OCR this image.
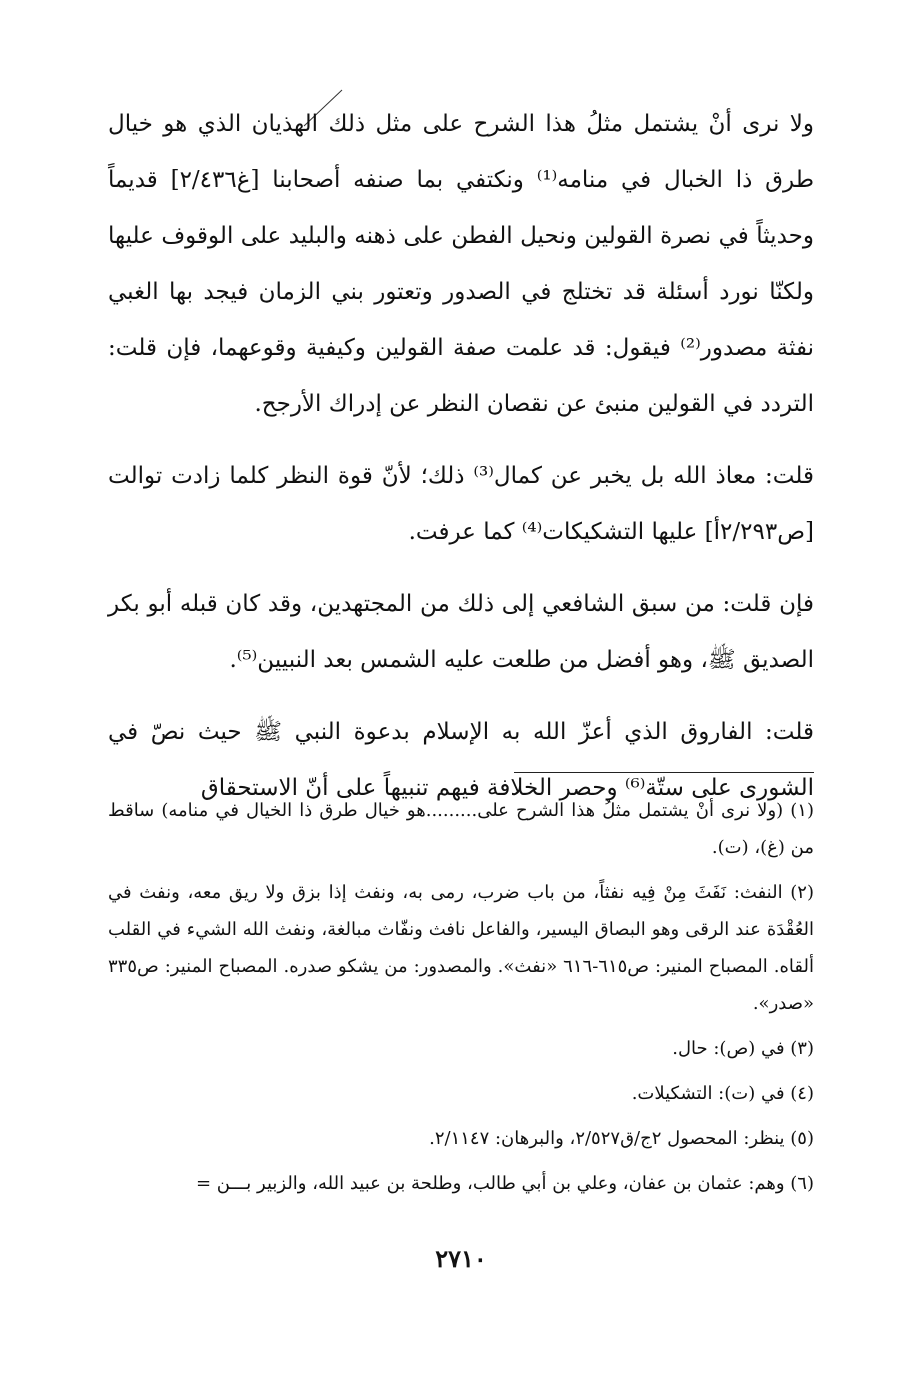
ولا نرى أنْ يشتمل مثلُ هذا الشرح على مثل ذلك الهذيان الذي هو خيال طرق ذا الخبال في منامه⁽¹⁾ ونكتفي بما صنفه أصحابنا [غ٢/٤٣٦] قديماً وحديثاً في نصرة القولين ونحيل الفطن على ذهنه والبليد على الوقوف عليها ولكنّا نورد أسئلة قد تختلج في الصدور وتعتور بني الزمان فيجد بها الغبي نفثة مصدور⁽²⁾ فيقول: قد علمت صفة القولين وكيفية وقوعهما، فإن قلت: التردد في القولين منبئ عن نقصان النظر عن إدراك الأرجح.

قلت: معاذ الله بل يخبر عن كمال⁽³⁾ ذلك؛ لأنّ قوة النظر كلما زادت توالت [ص٢/٢٩٣أ] عليها التشكيكات⁽⁴⁾ كما عرفت.

فإن قلت: من سبق الشافعي إلى ذلك من المجتهدين، وقد كان قبله أبو بكر الصديق ﷺ، وهو أفضل من طلعت عليه الشمس بعد النبيين⁽⁵⁾.

قلت: الفاروق الذي أعزّ الله به الإسلام بدعوة النبي ﷺ حيث نصّ في الشورى على ستّة⁽⁶⁾ وحصر الخلافة فيهم تنبيهاً على أنّ الاستحقاق

(١) (ولا نرى أنْ يشتمل مثلُ هذا الشرح على.........هو خيال طرق ذا الخيال في منامه) ساقط من (غ)، (ت).

(٢) النفث: نَفَثَ مِنْ فِيه نفثاً، من باب ضرب، رمى به، ونفث إذا بزق ولا ريق معه، ونفث في العُقْدَة عند الرقى وهو البصاق اليسير، والفاعل نافث ونفّاث مبالغة، ونفث الله الشيء في القلب ألقاه. المصباح المنير: ص٦١٥-٦١٦ «نفث». والمصدور: من يشكو صدره. المصباح المنير: ص٣٣٥ «صدر».

(٣) في (ص): حال.

(٤) في (ت): التشكيلات.

(٥) ينظر: المحصول ٢ج/ق٢/٥٢٧، والبرهان: ٢/١١٤٧.

(٦) وهم: عثمان بن عفان، وعلي بن أبي طالب، وطلحة بن عبيد الله، والزبير بـــن =

٢٧١٠
